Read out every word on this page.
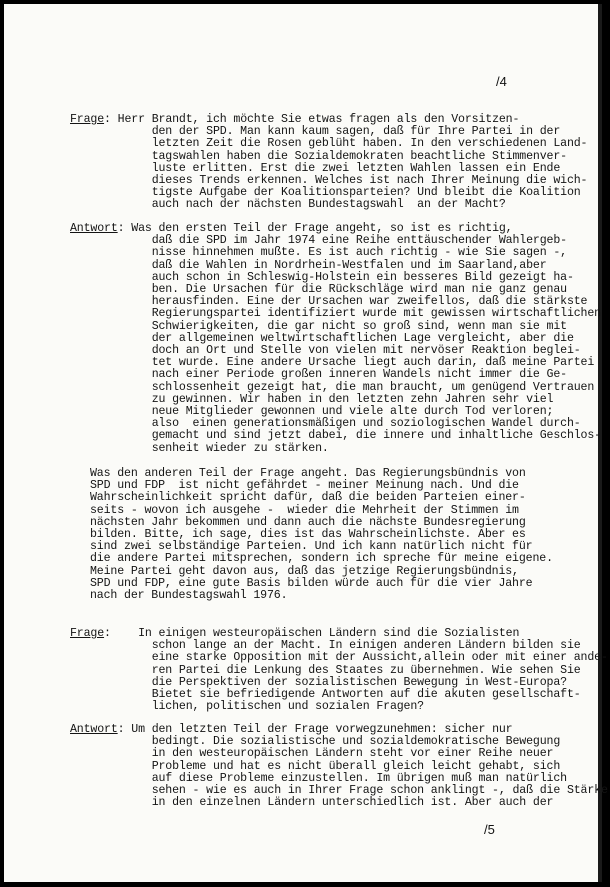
/4
Frage: Herr Brandt, ich möchte Sie etwas fragen als den Vorsitzen-
den der SPD. Man kann kaum sagen, daß für Ihre Partei in der
letzten Zeit die Rosen geblüht haben. In den verschiedenen Land-
tagswahlen haben die Sozialdemokraten beachtliche Stimmenver-
luste erlitten. Erst die zwei letzten Wahlen lassen ein Ende
dieses Trends erkennen. Welches ist nach Ihrer Meinung die wich-
tigste Aufgabe der Koalitionsparteien? Und bleibt die Koalition
auch nach der nächsten Bundestagswahl  an der Macht?
Antwort: Was den ersten Teil der Frage angeht, so ist es richtig,
daß die SPD im Jahr 1974 eine Reihe enttäuschender Wahlergeb-
nisse hinnehmen mußte. Es ist auch richtig - wie Sie sagen -,
daß die Wahlen in Nordrhein-Westfalen und im Saarland,aber
auch schon in Schleswig-Holstein ein besseres Bild gezeigt ha-
ben. Die Ursachen für die Rückschläge wird man nie ganz genau
herausfinden. Eine der Ursachen war zweifellos, daß die stärkste
Regierungspartei identifiziert wurde mit gewissen wirtschaftlichen
Schwierigkeiten, die gar nicht so groß sind, wenn man sie mit
der allgemeinen weltwirtschaftlichen Lage vergleicht, aber die
doch an Ort und Stelle von vielen mit nervöser Reaktion beglei-
tet wurde. Eine andere Ursache liegt auch darin, daß meine Partei
nach einer Periode großen inneren Wandels nicht immer die Ge-
schlossenheit gezeigt hat, die man braucht, um genügend Vertrauen
zu gewinnen. Wir haben in den letzten zehn Jahren sehr viel
neue Mitglieder gewonnen und viele alte durch Tod verloren;
also  einen generationsmäßigen und soziologischen Wandel durch-
gemacht und sind jetzt dabei, die innere und inhaltliche Geschlos-
senheit wieder zu stärken.
Was den anderen Teil der Frage angeht. Das Regierungsbündnis von
SPD und FDP  ist nicht gefährdet - meiner Meinung nach. Und die
Wahrscheinlichkeit spricht dafür, daß die beiden Parteien einer-
seits - wovon ich ausgehe -  wieder die Mehrheit der Stimmen im
nächsten Jahr bekommen und dann auch die nächste Bundesregierung
bilden. Bitte, ich sage, dies ist das Wahrscheinlichste. Aber es
sind zwei selbständige Parteien. Und ich kann natürlich nicht für
die andere Partei mitsprechen, sondern ich spreche für meine eigene.
Meine Partei geht davon aus, daß das jetzige Regierungsbündnis,
SPD und FDP, eine gute Basis bilden würde auch für die vier Jahre
nach der Bundestagswahl 1976.
Frage:    In einigen westeuropäischen Ländern sind die Sozialisten
schon lange an der Macht. In einigen anderen Ländern bilden sie
eine starke Opposition mit der Aussicht,allein oder mit einer ande-
ren Partei die Lenkung des Staates zu übernehmen. Wie sehen Sie
die Perspektiven der sozialistischen Bewegung in West-Europa?
Bietet sie befriedigende Antworten auf die akuten gesellschaft-
lichen, politischen und sozialen Fragen?
Antwort: Um den letzten Teil der Frage vorwegzunehmen: sicher nur
bedingt. Die sozialistische und sozialdemokratische Bewegung
in den westeuropäischen Ländern steht vor einer Reihe neuer
Probleme und hat es nicht überall gleich leicht gehabt, sich
auf diese Probleme einzustellen. Im übrigen muß man natürlich
sehen - wie es auch in Ihrer Frage schon anklingt -, daß die Stärke
in den einzelnen Ländern unterschiedlich ist. Aber auch der
/5
